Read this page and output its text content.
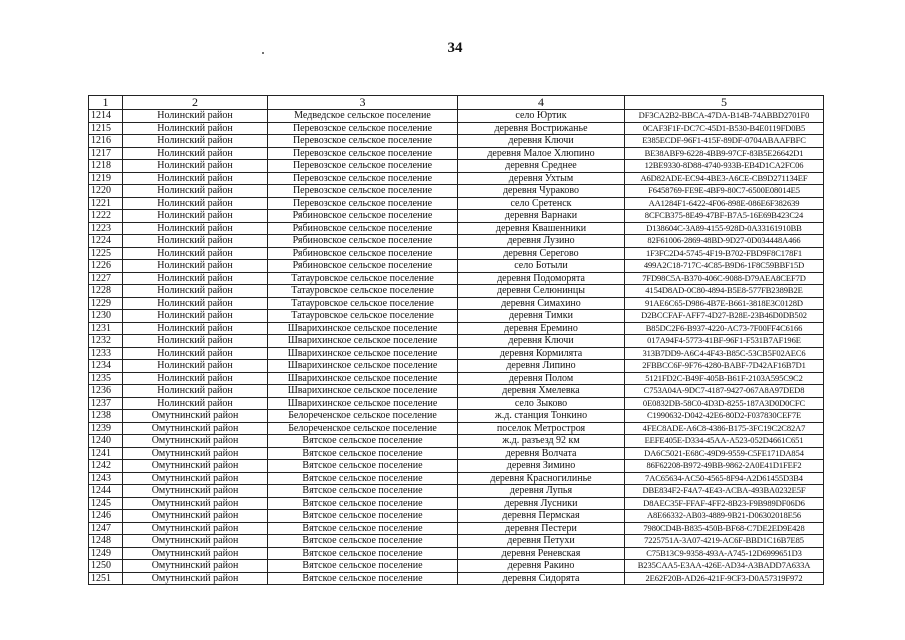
34
1	2	3	4	5
1214	Нолинский район	Медведское сельское поселение	село Юртик	DF3CA2B2-BBCA-47DA-B14B-74ABBD2701F0
1215	Нолинский район	Перевозское сельское поселение	деревня Вострижанье	0CAF3F1F-DC7C-45D1-B530-B4E0119FD0B5
1216	Нолинский район	Перевозское сельское поселение	деревня Ключи	E385ECDF-96F1-415F-89DF-0704ABAAFBFC
1217	Нолинский район	Перевозское сельское поселение	деревня Малое Хлюпино	BE38ABF9-6228-4BB9-97CF-83B5E26642D1
1218	Нолинский район	Перевозское сельское поселение	деревня Среднее	12BE9330-8D88-4740-933B-EB4D1CA2FC06
1219	Нолинский район	Перевозское сельское поселение	деревня Ухтым	A6D82ADE-EC94-4BE3-A6CE-CB9D271134EF
1220	Нолинский район	Перевозское сельское поселение	деревня Чураково	F6458769-FE9E-4BF9-80C7-6500E08014E5
1221	Нолинский район	Перевозское сельское поселение	село Сретенск	AA1284F1-6422-4F06-898E-086E6F382639
1222	Нолинский район	Рябиновское сельское поселение	деревня Варнаки	8CFCB375-8E49-47BF-B7A5-16E69B423C24
1223	Нолинский район	Рябиновское сельское поселение	деревня Квашенники	D138604C-3A89-4155-928D-0A33161910BB
1224	Нолинский район	Рябиновское сельское поселение	деревня Лузино	82F61006-2869-48BD-9D27-0D034448A466
1225	Нолинский район	Рябиновское сельское поселение	деревня Серегово	1F3FC2D4-5745-4F19-B702-FBD9F8C178F1
1226	Нолинский район	Рябиновское сельское поселение	село Ботыли	499A2C18-717C-4C85-B9D6-1F8C59BBF15D
1227	Нолинский район	Татауровское сельское поселение	деревня Подоморята	7FD98C5A-B370-406C-9088-D79AEA8CEF7D
1228	Нолинский район	Татауровское сельское поселение	деревня Селюнинцы	4154D8AD-0C80-4894-B5E8-577FB2389B2E
1229	Нолинский район	Татауровское сельское поселение	деревня Симахино	91AE6C65-D986-4B7E-B661-3818E3C0128D
1230	Нолинский район	Татауровское сельское поселение	деревня Тимки	D2BCCFAF-AFF7-4D27-B28E-23B46D0DB502
1231	Нолинский район	Шварихинское сельское поселение	деревня Еремино	B85DC2F6-B937-4220-AC73-7F00FF4C6166
1232	Нолинский район	Шварихинское сельское поселение	деревня Ключи	017A94F4-5773-41BF-96F1-F531B7AF196E
1233	Нолинский район	Шварихинское сельское поселение	деревня Кормилята	313B7DD9-A6C4-4F43-B85C-53CB5F02AEC6
1234	Нолинский район	Шварихинское сельское поселение	деревня Липино	2FBBCC6F-9F76-4280-BABF-7D42AF16B7D1
1235	Нолинский район	Шварихинское сельское поселение	деревня Полом	5121FD2C-B49F-405B-B61F-2103A595C9C2
1236	Нолинский район	Шварихинское сельское поселение	деревня Хмелевка	C753A04A-9DC7-4187-9427-067A8A97DED8
1237	Нолинский район	Шварихинское сельское поселение	село Зыково	0E0832DB-58C0-4D3D-8255-187A3D0D0CFC
1238	Омутнинский район	Белореченское сельское поселение	ж.д. станция Тонкино	C1990632-D042-42E6-80D2-F037830CEF7E
1239	Омутнинский район	Белореченское сельское поселение	поселок Метростроя	4FEC8ADE-A6C8-4386-B175-3FC19C2C82A7
1240	Омутнинский район	Вятское сельское поселение	ж.д. разъезд 92 км	EEFE405E-D334-45AA-A523-052D4661C651
1241	Омутнинский район	Вятское сельское поселение	деревня Волчата	DA6C5021-E68C-49D9-9559-C5FE171DA854
1242	Омутнинский район	Вятское сельское поселение	деревня Зимино	86F62208-B972-49BB-9862-2A0E41D1FEF2
1243	Омутнинский район	Вятское сельское поселение	деревня Красногилинье	7AC65634-AC50-4565-8F94-A2D61455D3B4
1244	Омутнинский район	Вятское сельское поселение	деревня Лупья	DBE834F2-F4A7-4E43-ACBA-493BA0232E5F
1245	Омутнинский район	Вятское сельское поселение	деревня Лусники	D8AEC35F-FFAF-4FF2-8B23-F9B989DF06D6
1246	Омутнинский район	Вятское сельское поселение	деревня Пермская	A8E66332-AB03-4889-9B21-D06302018E56
1247	Омутнинский район	Вятское сельское поселение	деревня Пестери	7980CD4B-B835-450B-BF68-C7DE2ED9E428
1248	Омутнинский район	Вятское сельское поселение	деревня Петухи	7225751A-3A07-4219-AC6F-BBD1C16B7E85
1249	Омутнинский район	Вятское сельское поселение	деревня Реневская	C75B13C9-9358-493A-A745-12D6999651D3
1250	Омутнинский район	Вятское сельское поселение	деревня Ракино	B235CAA5-E3AA-426E-AD34-A3BADD7A633A
1251	Омутнинский район	Вятское сельское поселение	деревня Сидорята	2E62F20B-AD26-421F-9CF3-D0A57319F972
